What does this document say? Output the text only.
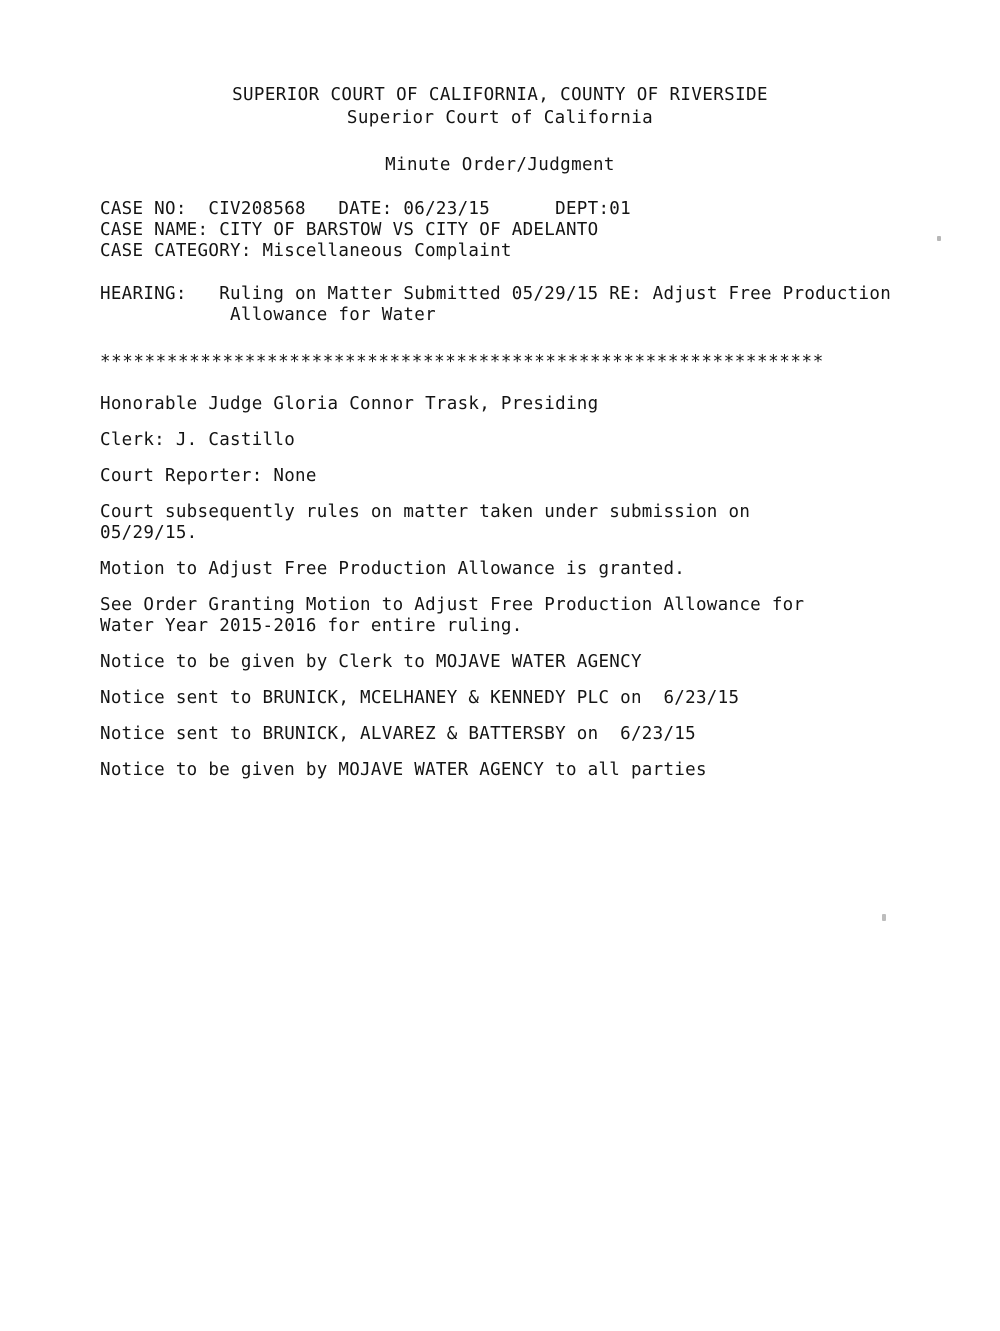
SUPERIOR COURT OF CALIFORNIA, COUNTY OF RIVERSIDE
Superior Court of California
Minute Order/Judgment
CASE NO:  CIV208568   DATE: 06/23/15      DEPT:01
CASE NAME: CITY OF BARSTOW VS CITY OF ADELANTO
CASE CATEGORY: Miscellaneous Complaint
HEARING: Ruling on Matter Submitted 05/29/15 RE: Adjust Free Production
Allowance for Water
*****************************************************************
Honorable Judge Gloria Connor Trask, Presiding
Clerk: J. Castillo
Court Reporter: None
Court subsequently rules on matter taken under submission on
05/29/15.
Motion to Adjust Free Production Allowance is granted.
See Order Granting Motion to Adjust Free Production Allowance for
Water Year 2015-2016 for entire ruling.
Notice to be given by Clerk to MOJAVE WATER AGENCY
Notice sent to BRUNICK, MCELHANEY & KENNEDY PLC on  6/23/15
Notice sent to BRUNICK, ALVAREZ & BATTERSBY on  6/23/15
Notice to be given by MOJAVE WATER AGENCY to all parties
